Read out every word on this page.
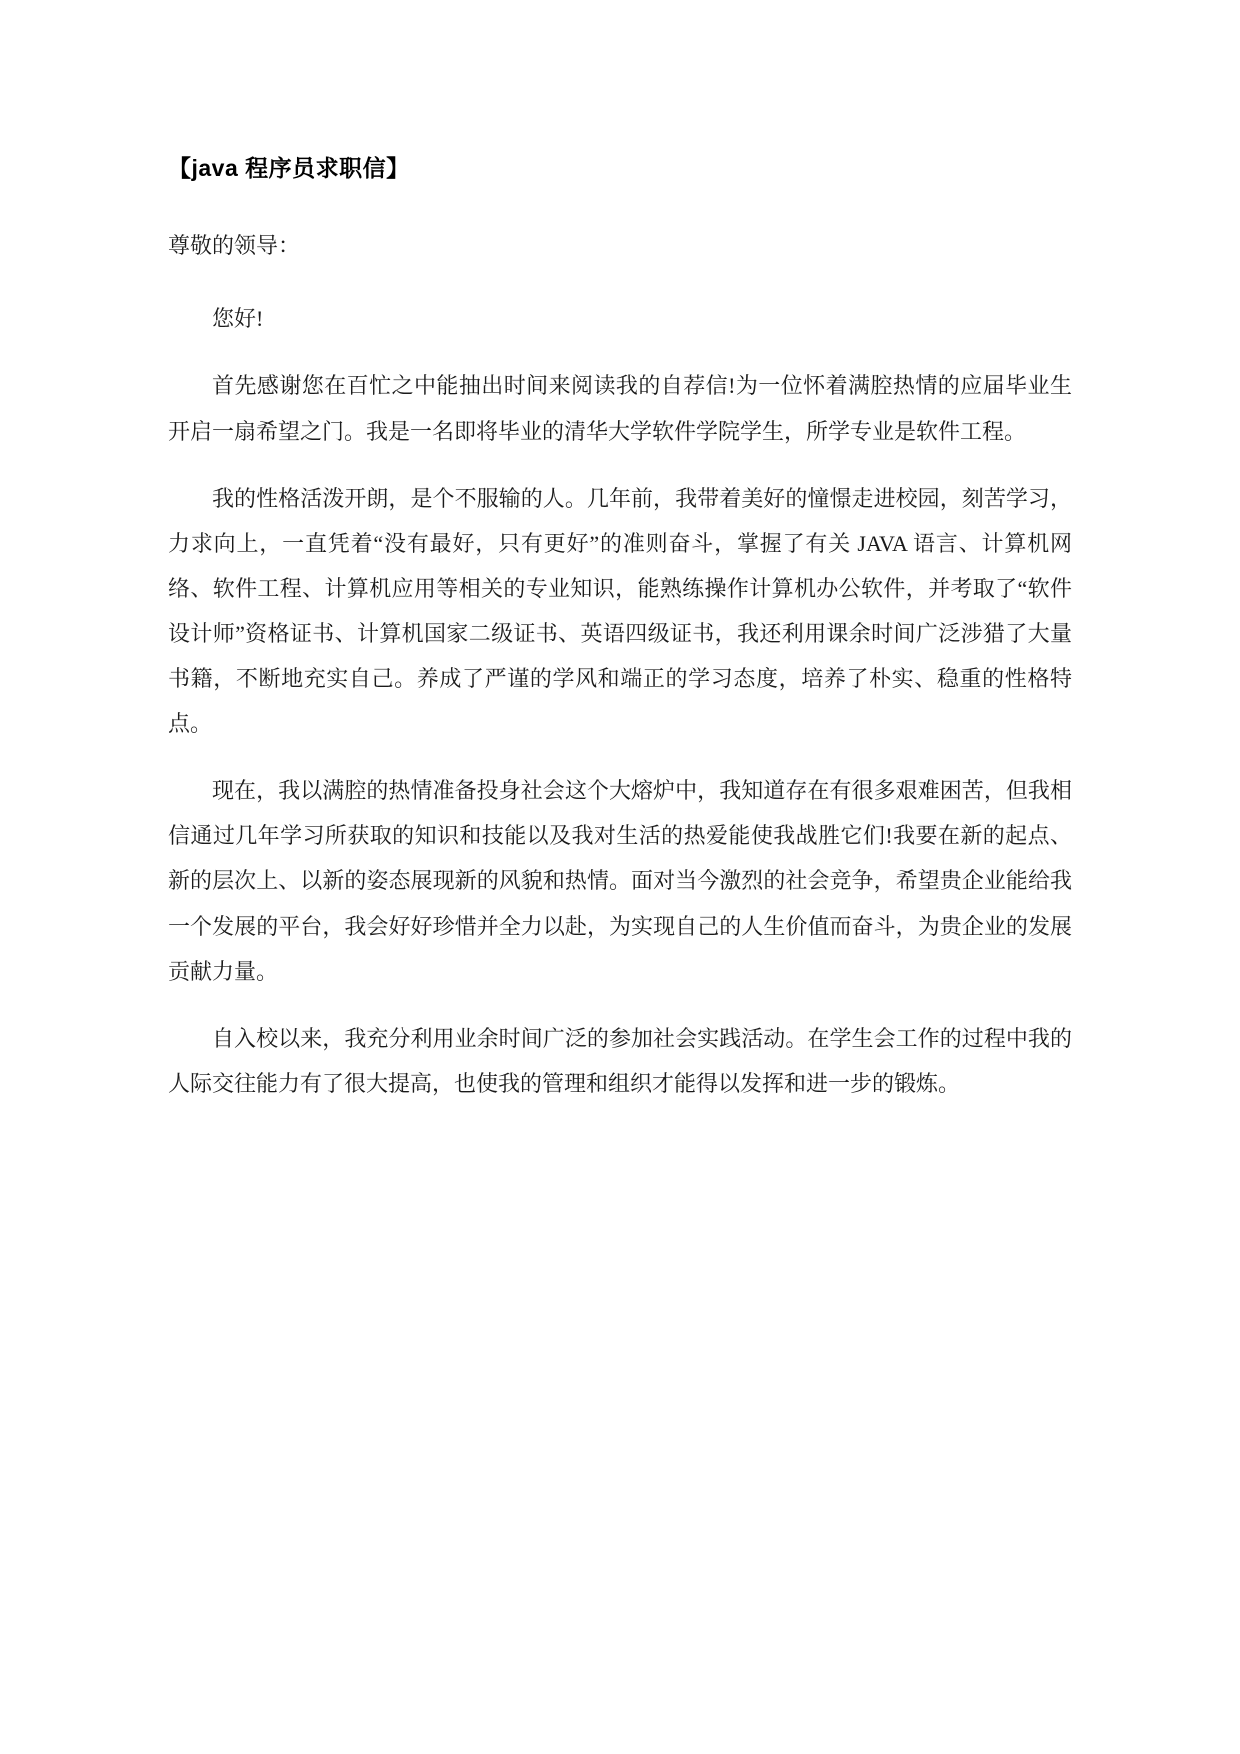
【java 程序员求职信】

尊敬的领导：

您好!

首先感谢您在百忙之中能抽出时间来阅读我的自荐信!为一位怀着满腔热情的应届毕业生开启一扇希望之门。我是一名即将毕业的清华大学软件学院学生，所学专业是软件工程。

我的性格活泼开朗，是个不服输的人。几年前，我带着美好的憧憬走进校园，刻苦学习，力求向上，一直凭着“没有最好，只有更好”的准则奋斗，掌握了有关 JAVA 语言、计算机网络、软件工程、计算机应用等相关的专业知识，能熟练操作计算机办公软件，并考取了“软件设计师”资格证书、计算机国家二级证书、英语四级证书，我还利用课余时间广泛涉猎了大量书籍，不断地充实自己。养成了严谨的学风和端正的学习态度，培养了朴实、稳重的性格特点。

现在，我以满腔的热情准备投身社会这个大熔炉中，我知道存在有很多艰难困苦，但我相信通过几年学习所获取的知识和技能以及我对生活的热爱能使我战胜它们!我要在新的起点、新的层次上、以新的姿态展现新的风貌和热情。面对当今激烈的社会竞争，希望贵企业能给我一个发展的平台，我会好好珍惜并全力以赴，为实现自己的人生价值而奋斗，为贵企业的发展贡献力量。

自入校以来，我充分利用业余时间广泛的参加社会实践活动。在学生会工作的过程中我的人际交往能力有了很大提高，也使我的管理和组织才能得以发挥和进一步的锻炼。
